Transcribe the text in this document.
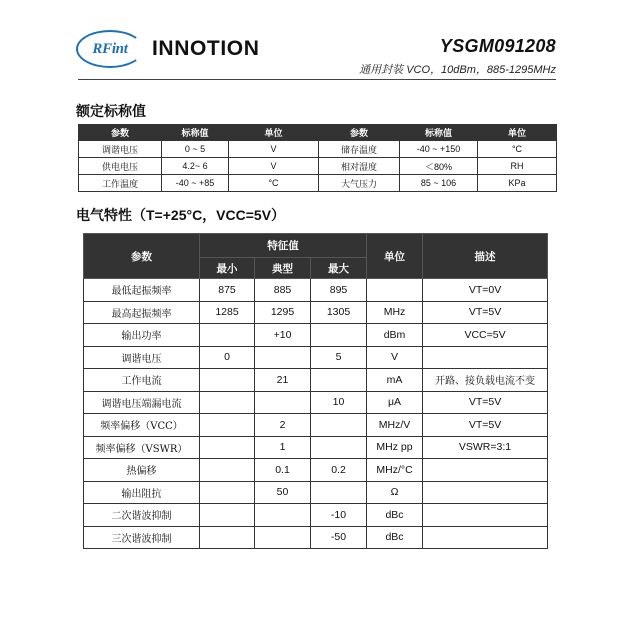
RFint INNOTION	YSGM091208
通用封装 VCO，10dBm，885-1295MHz
额定标称值
参数	标称值	单位	参数	标称值	单位
调谐电压	0 ~ 5	V	储存温度	-40 ~ +150	°C
供电电压	4.2~ 6	V	相对湿度	＜80%	RH
工作温度	-40 ~ +85	°C	大气压力	85 ~ 106	KPa
电气特性（T=+25°C，VCC=5V）
参数	特征值			单位	描述
	最小	典型	最大		
最低起振频率	875	885	895		VT=0V
最高起振频率	1285	1295	1305	MHz	VT=5V
输出功率		+10		dBm	VCC=5V
调谐电压	0		5	V	
工作电流		21		mA	开路、接负载电流不变
调谐电压端漏电流			10	μA	VT=5V
频率偏移（VCC）		2		MHz/V	VT=5V
频率偏移（VSWR）		1		MHz pp	VSWR=3:1
热偏移		0.1	0.2	MHz/°C	
输出阻抗		50		Ω	
二次谐波抑制			-10	dBc	
三次谐波抑制			-50	dBc	
